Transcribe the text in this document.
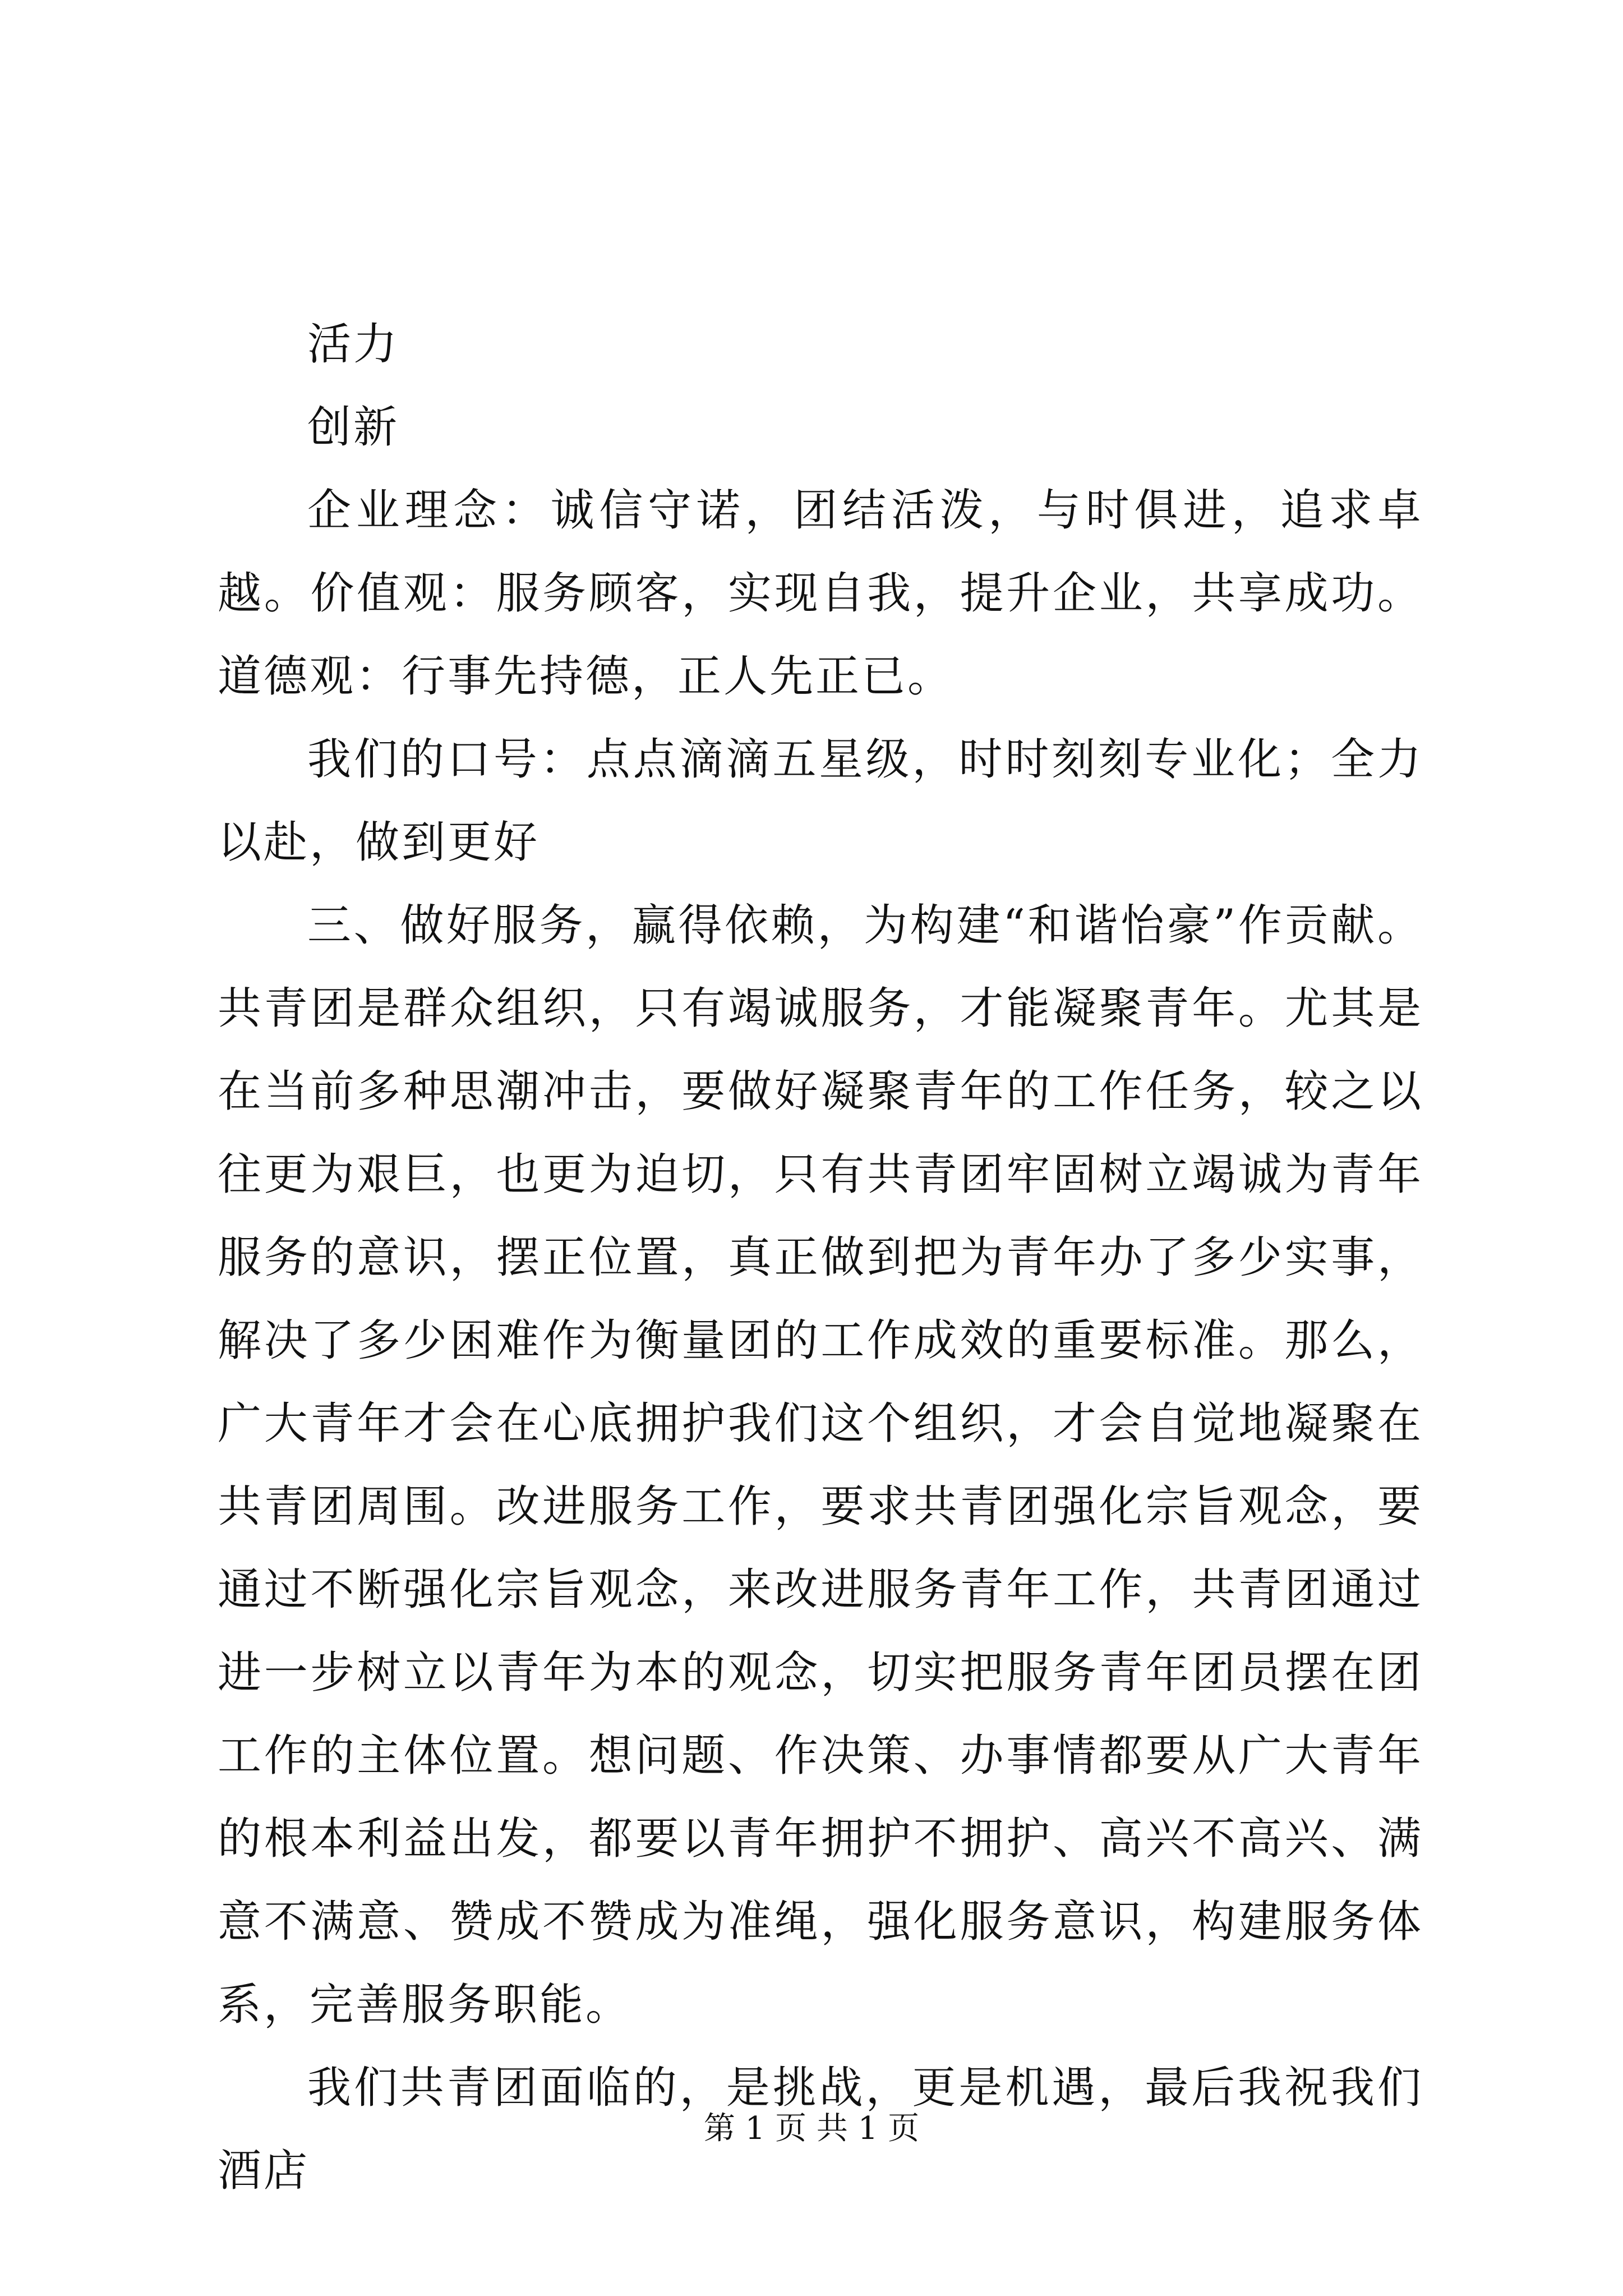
活力

创新

企业理念：诚信守诺，团结活泼，与时俱进，追求卓越。价值观：服务顾客，实现自我，提升企业，共享成功。道德观：行事先持德，正人先正已。

我们的口号：点点滴滴五星级，时时刻刻专业化；全力以赴，做到更好

三、做好服务，赢得依赖，为构建“和谐怡豪”作贡献。共青团是群众组织，只有竭诚服务，才能凝聚青年。尤其是在当前多种思潮冲击，要做好凝聚青年的工作任务，较之以往更为艰巨，也更为迫切，只有共青团牢固树立竭诚为青年服务的意识，摆正位置，真正做到把为青年办了多少实事，解决了多少困难作为衡量团的工作成效的重要标准。那么，广大青年才会在心底拥护我们这个组织，才会自觉地凝聚在共青团周围。改进服务工作，要求共青团强化宗旨观念，要通过不断强化宗旨观念，来改进服务青年工作，共青团通过进一步树立以青年为本的观念，切实把服务青年团员摆在团工作的主体位置。想问题、作决策、办事情都要从广大青年的根本利益出发，都要以青年拥护不拥护、高兴不高兴、满意不满意、赞成不赞成为准绳，强化服务意识，构建服务体系，完善服务职能。

我们共青团面临的，是挑战，更是机遇，最后我祝我们酒店

第 1 页 共 1 页
